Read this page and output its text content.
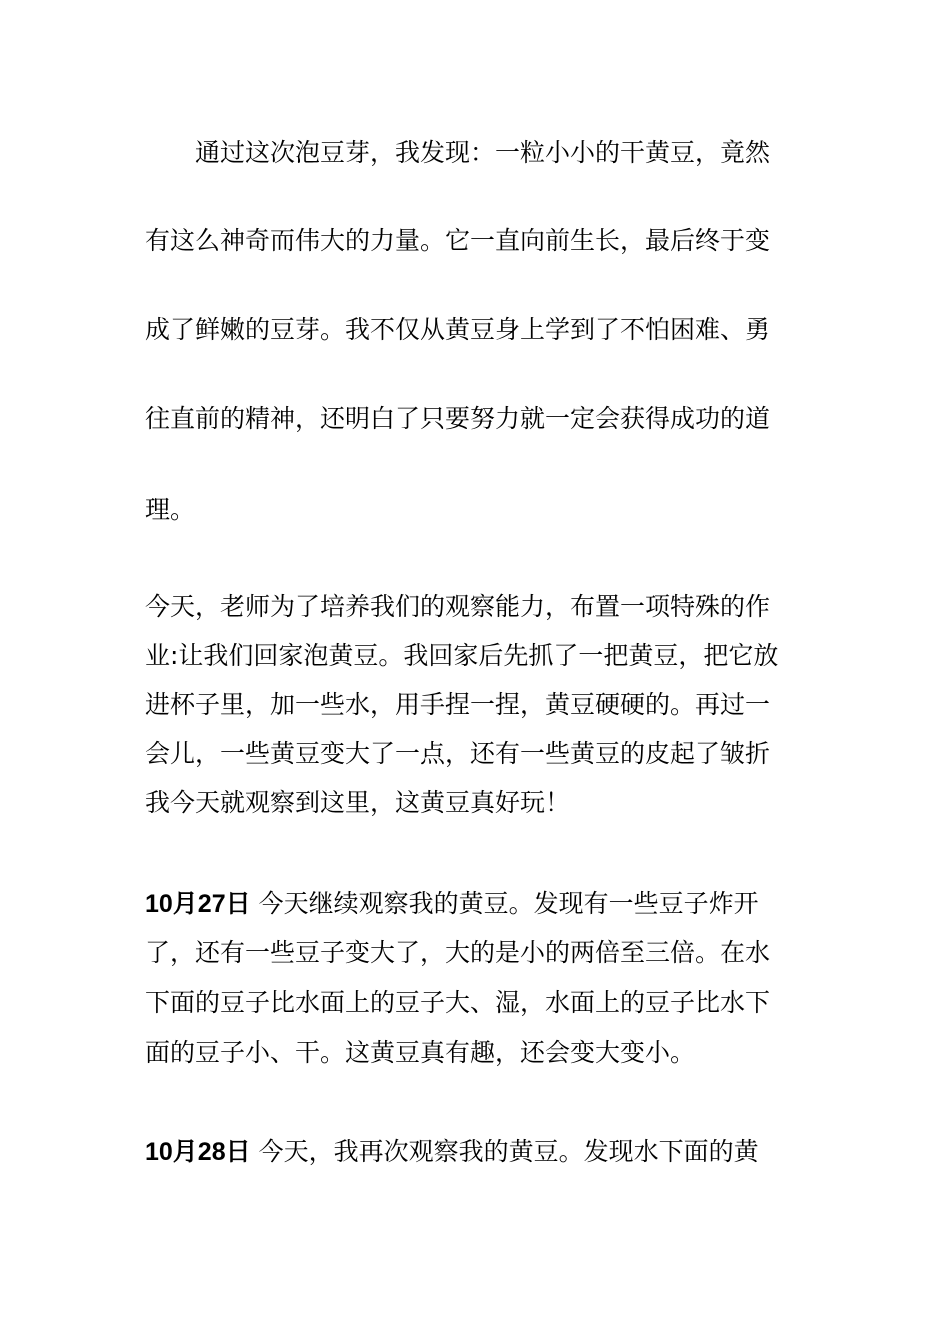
通过这次泡豆芽，我发现：一粒小小的干黄豆，竟然
有这么神奇而伟大的力量。它一直向前生长，最后终于变
成了鲜嫩的豆芽。我不仅从黄豆身上学到了不怕困难、勇
往直前的精神，还明白了只要努力就一定会获得成功的道
理。
今天，老师为了培养我们的观察能力，布置一项特殊的作
业:让我们回家泡黄豆。我回家后先抓了一把黄豆，把它放
进杯子里，加一些水，用手捏一捏，黄豆硬硬的。再过一
会儿，一些黄豆变大了一点，还有一些黄豆的皮起了皱折
我今天就观察到这里，这黄豆真好玩！
10月27日 今天继续观察我的黄豆。发现有一些豆子炸开
了，还有一些豆子变大了，大的是小的两倍至三倍。在水
下面的豆子比水面上的豆子大、湿，水面上的豆子比水下
面的豆子小、干。这黄豆真有趣，还会变大变小。
10月28日 今天，我再次观察我的黄豆。发现水下面的黄
